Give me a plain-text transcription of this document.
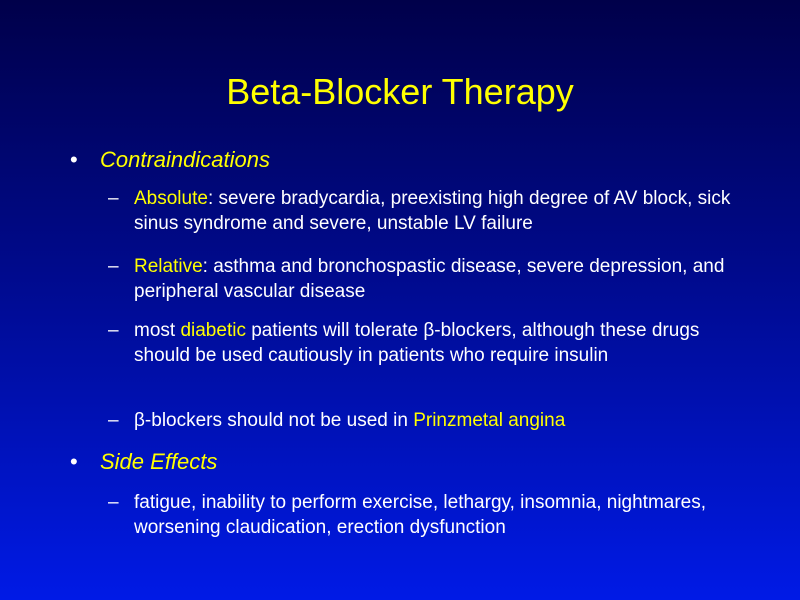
Beta-Blocker Therapy
• Contraindications
– Absolute: severe bradycardia, preexisting high degree of AV block, sick sinus syndrome and severe, unstable LV failure
– Relative: asthma and bronchospastic disease, severe depression, and peripheral vascular disease
– most diabetic patients will tolerate β-blockers, although these drugs should be used cautiously in patients who require insulin
– β-blockers should not be used in Prinzmetal angina
• Side Effects
– fatigue, inability to perform exercise, lethargy, insomnia, nightmares, worsening claudication, erection dysfunction
